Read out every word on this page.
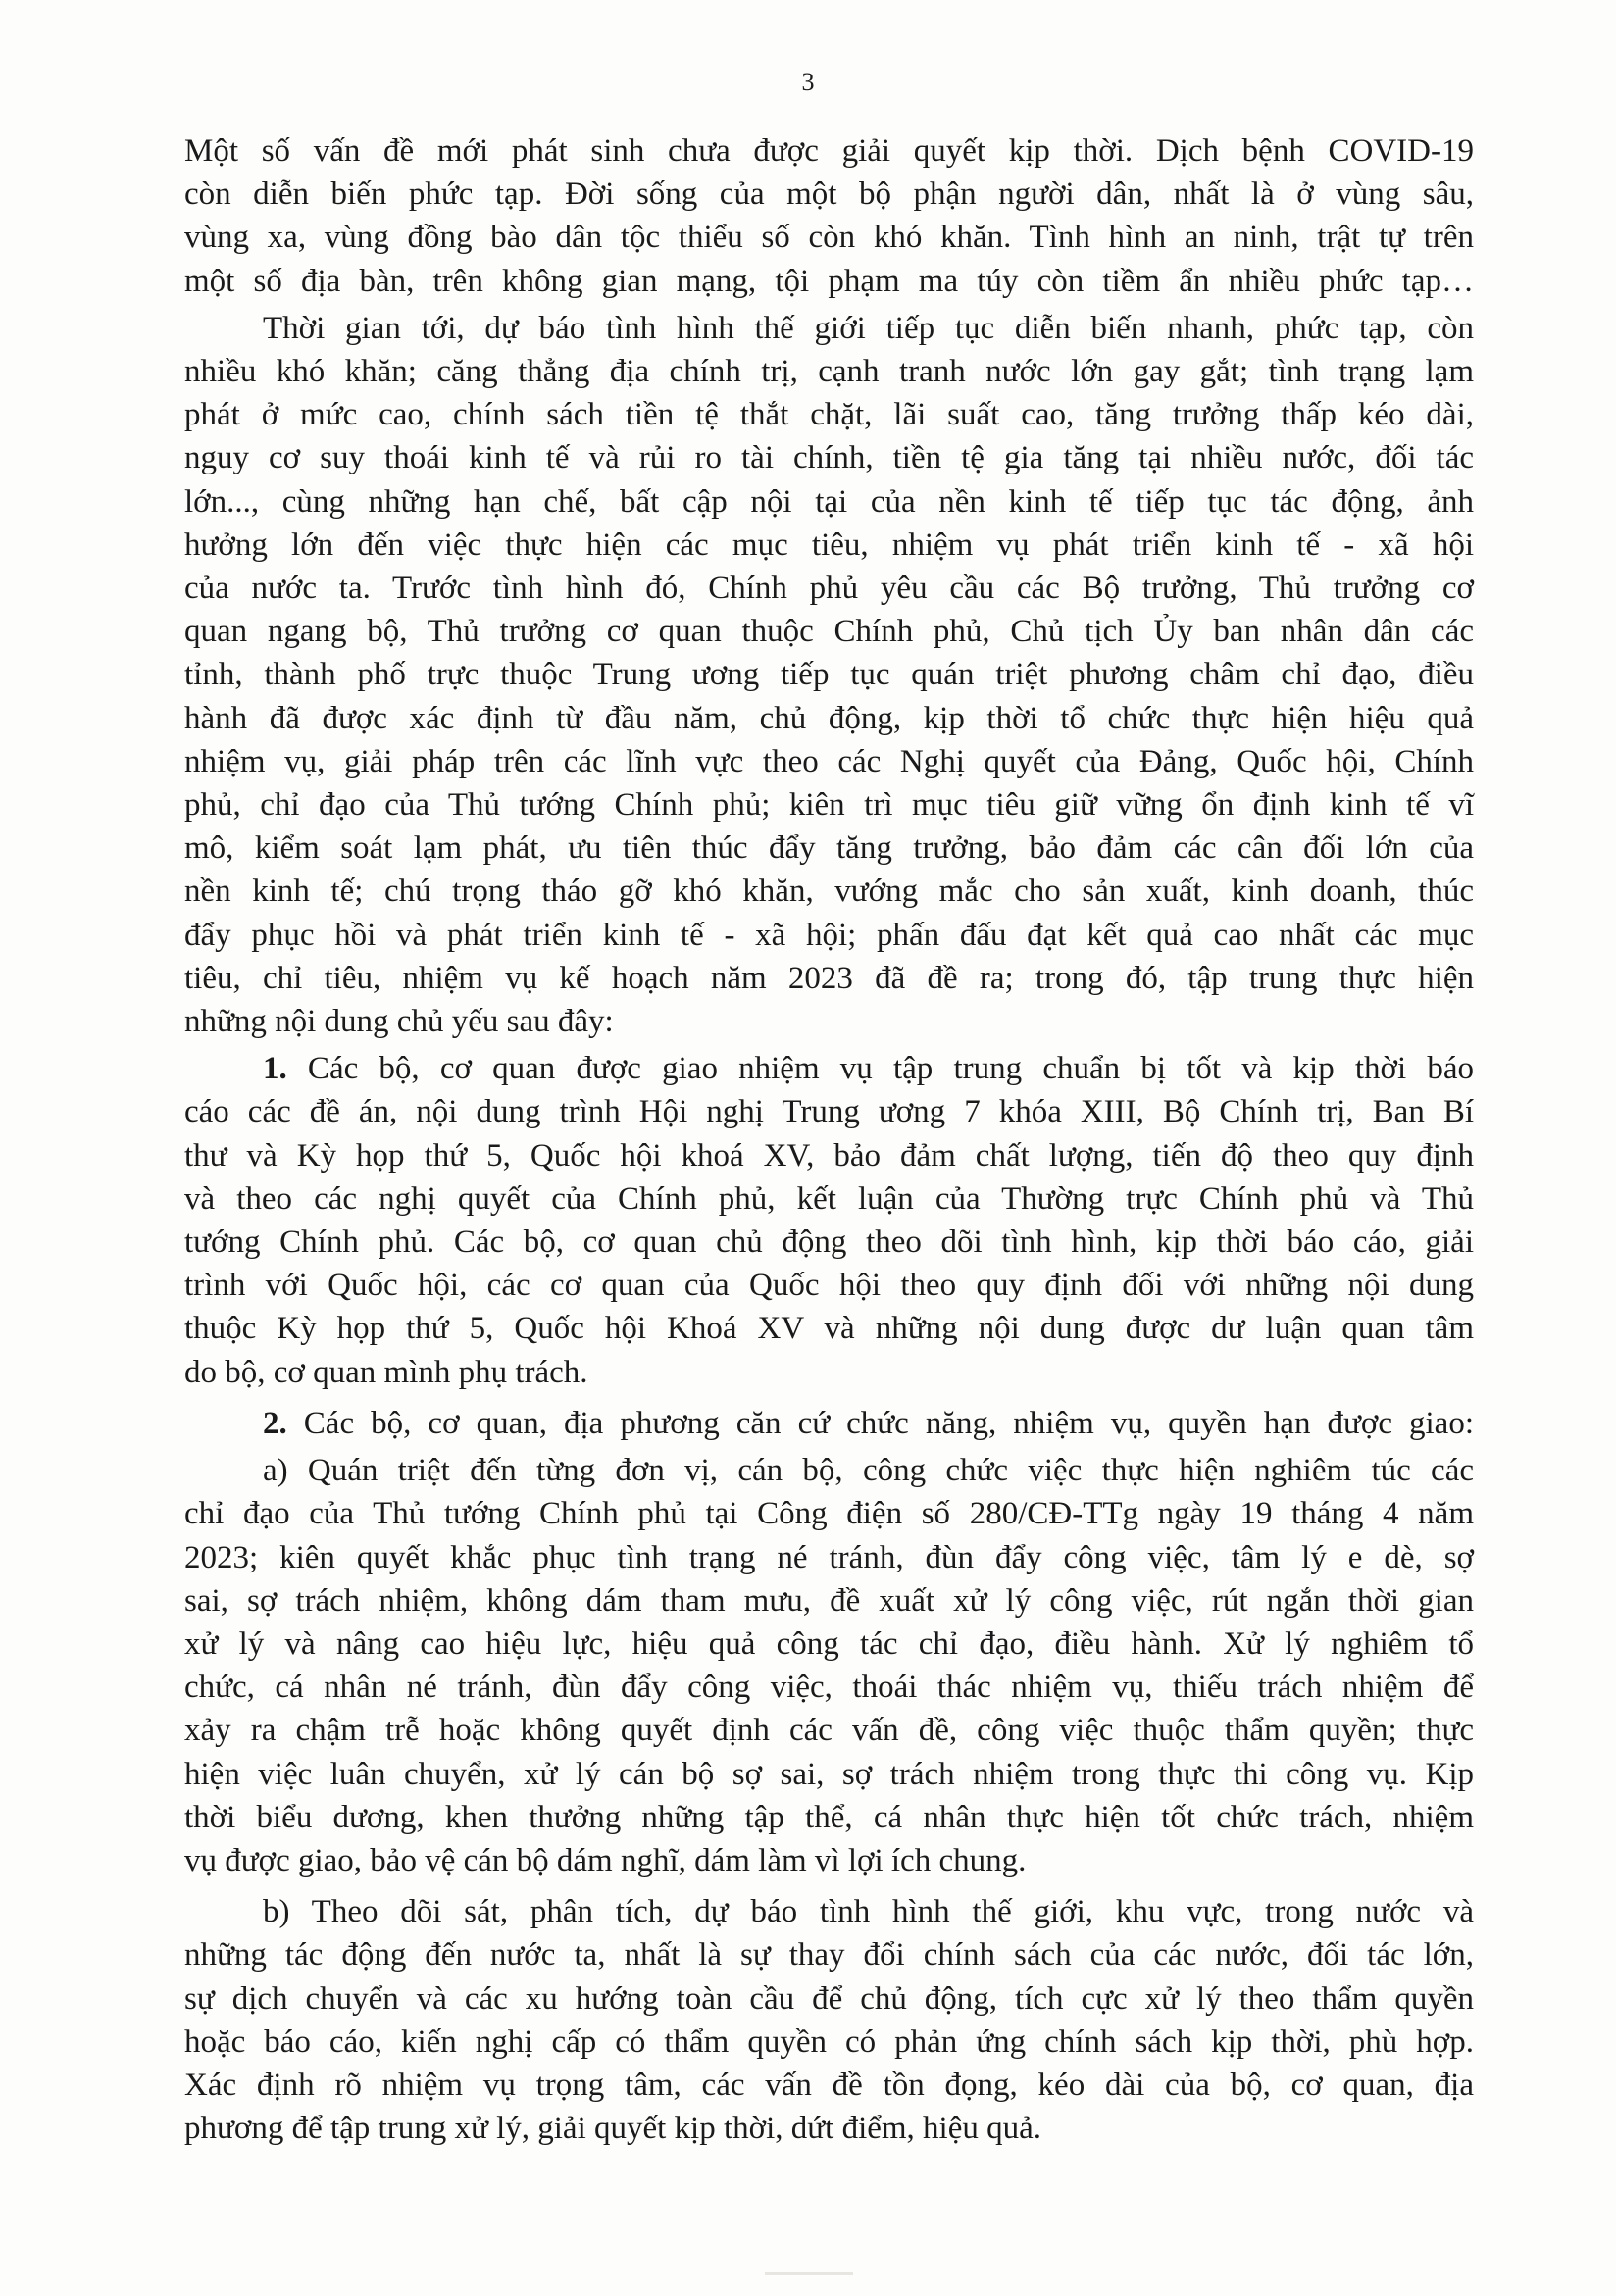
3

Một số vấn đề mới phát sinh chưa được giải quyết kịp thời. Dịch bệnh COVID-19
còn diễn biến phức tạp. Đời sống của một bộ phận người dân, nhất là ở vùng sâu,
vùng xa, vùng đồng bào dân tộc thiểu số còn khó khăn. Tình hình an ninh, trật tự trên
một số địa bàn, trên không gian mạng, tội phạm ma túy còn tiềm ẩn nhiều phức tạp…

Thời gian tới, dự báo tình hình thế giới tiếp tục diễn biến nhanh, phức tạp, còn
nhiều khó khăn; căng thẳng địa chính trị, cạnh tranh nước lớn gay gắt; tình trạng lạm
phát ở mức cao, chính sách tiền tệ thắt chặt, lãi suất cao, tăng trưởng thấp kéo dài,
nguy cơ suy thoái kinh tế và rủi ro tài chính, tiền tệ gia tăng tại nhiều nước, đối tác
lớn..., cùng những hạn chế, bất cập nội tại của nền kinh tế tiếp tục tác động, ảnh
hưởng lớn đến việc thực hiện các mục tiêu, nhiệm vụ phát triển kinh tế - xã hội
của nước ta. Trước tình hình đó, Chính phủ yêu cầu các Bộ trưởng, Thủ trưởng cơ
quan ngang bộ, Thủ trưởng cơ quan thuộc Chính phủ, Chủ tịch Ủy ban nhân dân các
tỉnh, thành phố trực thuộc Trung ương tiếp tục quán triệt phương châm chỉ đạo, điều
hành đã được xác định từ đầu năm, chủ động, kịp thời tổ chức thực hiện hiệu quả
nhiệm vụ, giải pháp trên các lĩnh vực theo các Nghị quyết của Đảng, Quốc hội, Chính
phủ, chỉ đạo của Thủ tướng Chính phủ; kiên trì mục tiêu giữ vững ổn định kinh tế vĩ
mô, kiểm soát lạm phát, ưu tiên thúc đẩy tăng trưởng, bảo đảm các cân đối lớn của
nền kinh tế; chú trọng tháo gỡ khó khăn, vướng mắc cho sản xuất, kinh doanh, thúc
đẩy phục hồi và phát triển kinh tế - xã hội; phấn đấu đạt kết quả cao nhất các mục
tiêu, chỉ tiêu, nhiệm vụ kế hoạch năm 2023 đã đề ra; trong đó, tập trung thực hiện
những nội dung chủ yếu sau đây:

1. Các bộ, cơ quan được giao nhiệm vụ tập trung chuẩn bị tốt và kịp thời báo
cáo các đề án, nội dung trình Hội nghị Trung ương 7 khóa XIII, Bộ Chính trị, Ban Bí
thư và Kỳ họp thứ 5, Quốc hội khoá XV, bảo đảm chất lượng, tiến độ theo quy định
và theo các nghị quyết của Chính phủ, kết luận của Thường trực Chính phủ và Thủ
tướng Chính phủ. Các bộ, cơ quan chủ động theo dõi tình hình, kịp thời báo cáo, giải
trình với Quốc hội, các cơ quan của Quốc hội theo quy định đối với những nội dung
thuộc Kỳ họp thứ 5, Quốc hội Khoá XV và những nội dung được dư luận quan tâm
do bộ, cơ quan mình phụ trách.

2. Các bộ, cơ quan, địa phương căn cứ chức năng, nhiệm vụ, quyền hạn được giao:

a) Quán triệt đến từng đơn vị, cán bộ, công chức việc thực hiện nghiêm túc các
chỉ đạo của Thủ tướng Chính phủ tại Công điện số 280/CĐ-TTg ngày 19 tháng 4 năm
2023; kiên quyết khắc phục tình trạng né tránh, đùn đẩy công việc, tâm lý e dè, sợ
sai, sợ trách nhiệm, không dám tham mưu, đề xuất xử lý công việc, rút ngắn thời gian
xử lý và nâng cao hiệu lực, hiệu quả công tác chỉ đạo, điều hành. Xử lý nghiêm tổ
chức, cá nhân né tránh, đùn đẩy công việc, thoái thác nhiệm vụ, thiếu trách nhiệm để
xảy ra chậm trễ hoặc không quyết định các vấn đề, công việc thuộc thẩm quyền; thực
hiện việc luân chuyển, xử lý cán bộ sợ sai, sợ trách nhiệm trong thực thi công vụ. Kịp
thời biểu dương, khen thưởng những tập thể, cá nhân thực hiện tốt chức trách, nhiệm
vụ được giao, bảo vệ cán bộ dám nghĩ, dám làm vì lợi ích chung.

b) Theo dõi sát, phân tích, dự báo tình hình thế giới, khu vực, trong nước và
những tác động đến nước ta, nhất là sự thay đổi chính sách của các nước, đối tác lớn,
sự dịch chuyển và các xu hướng toàn cầu để chủ động, tích cực xử lý theo thẩm quyền
hoặc báo cáo, kiến nghị cấp có thẩm quyền có phản ứng chính sách kịp thời, phù hợp.
Xác định rõ nhiệm vụ trọng tâm, các vấn đề tồn đọng, kéo dài của bộ, cơ quan, địa
phương để tập trung xử lý, giải quyết kịp thời, dứt điểm, hiệu quả.
